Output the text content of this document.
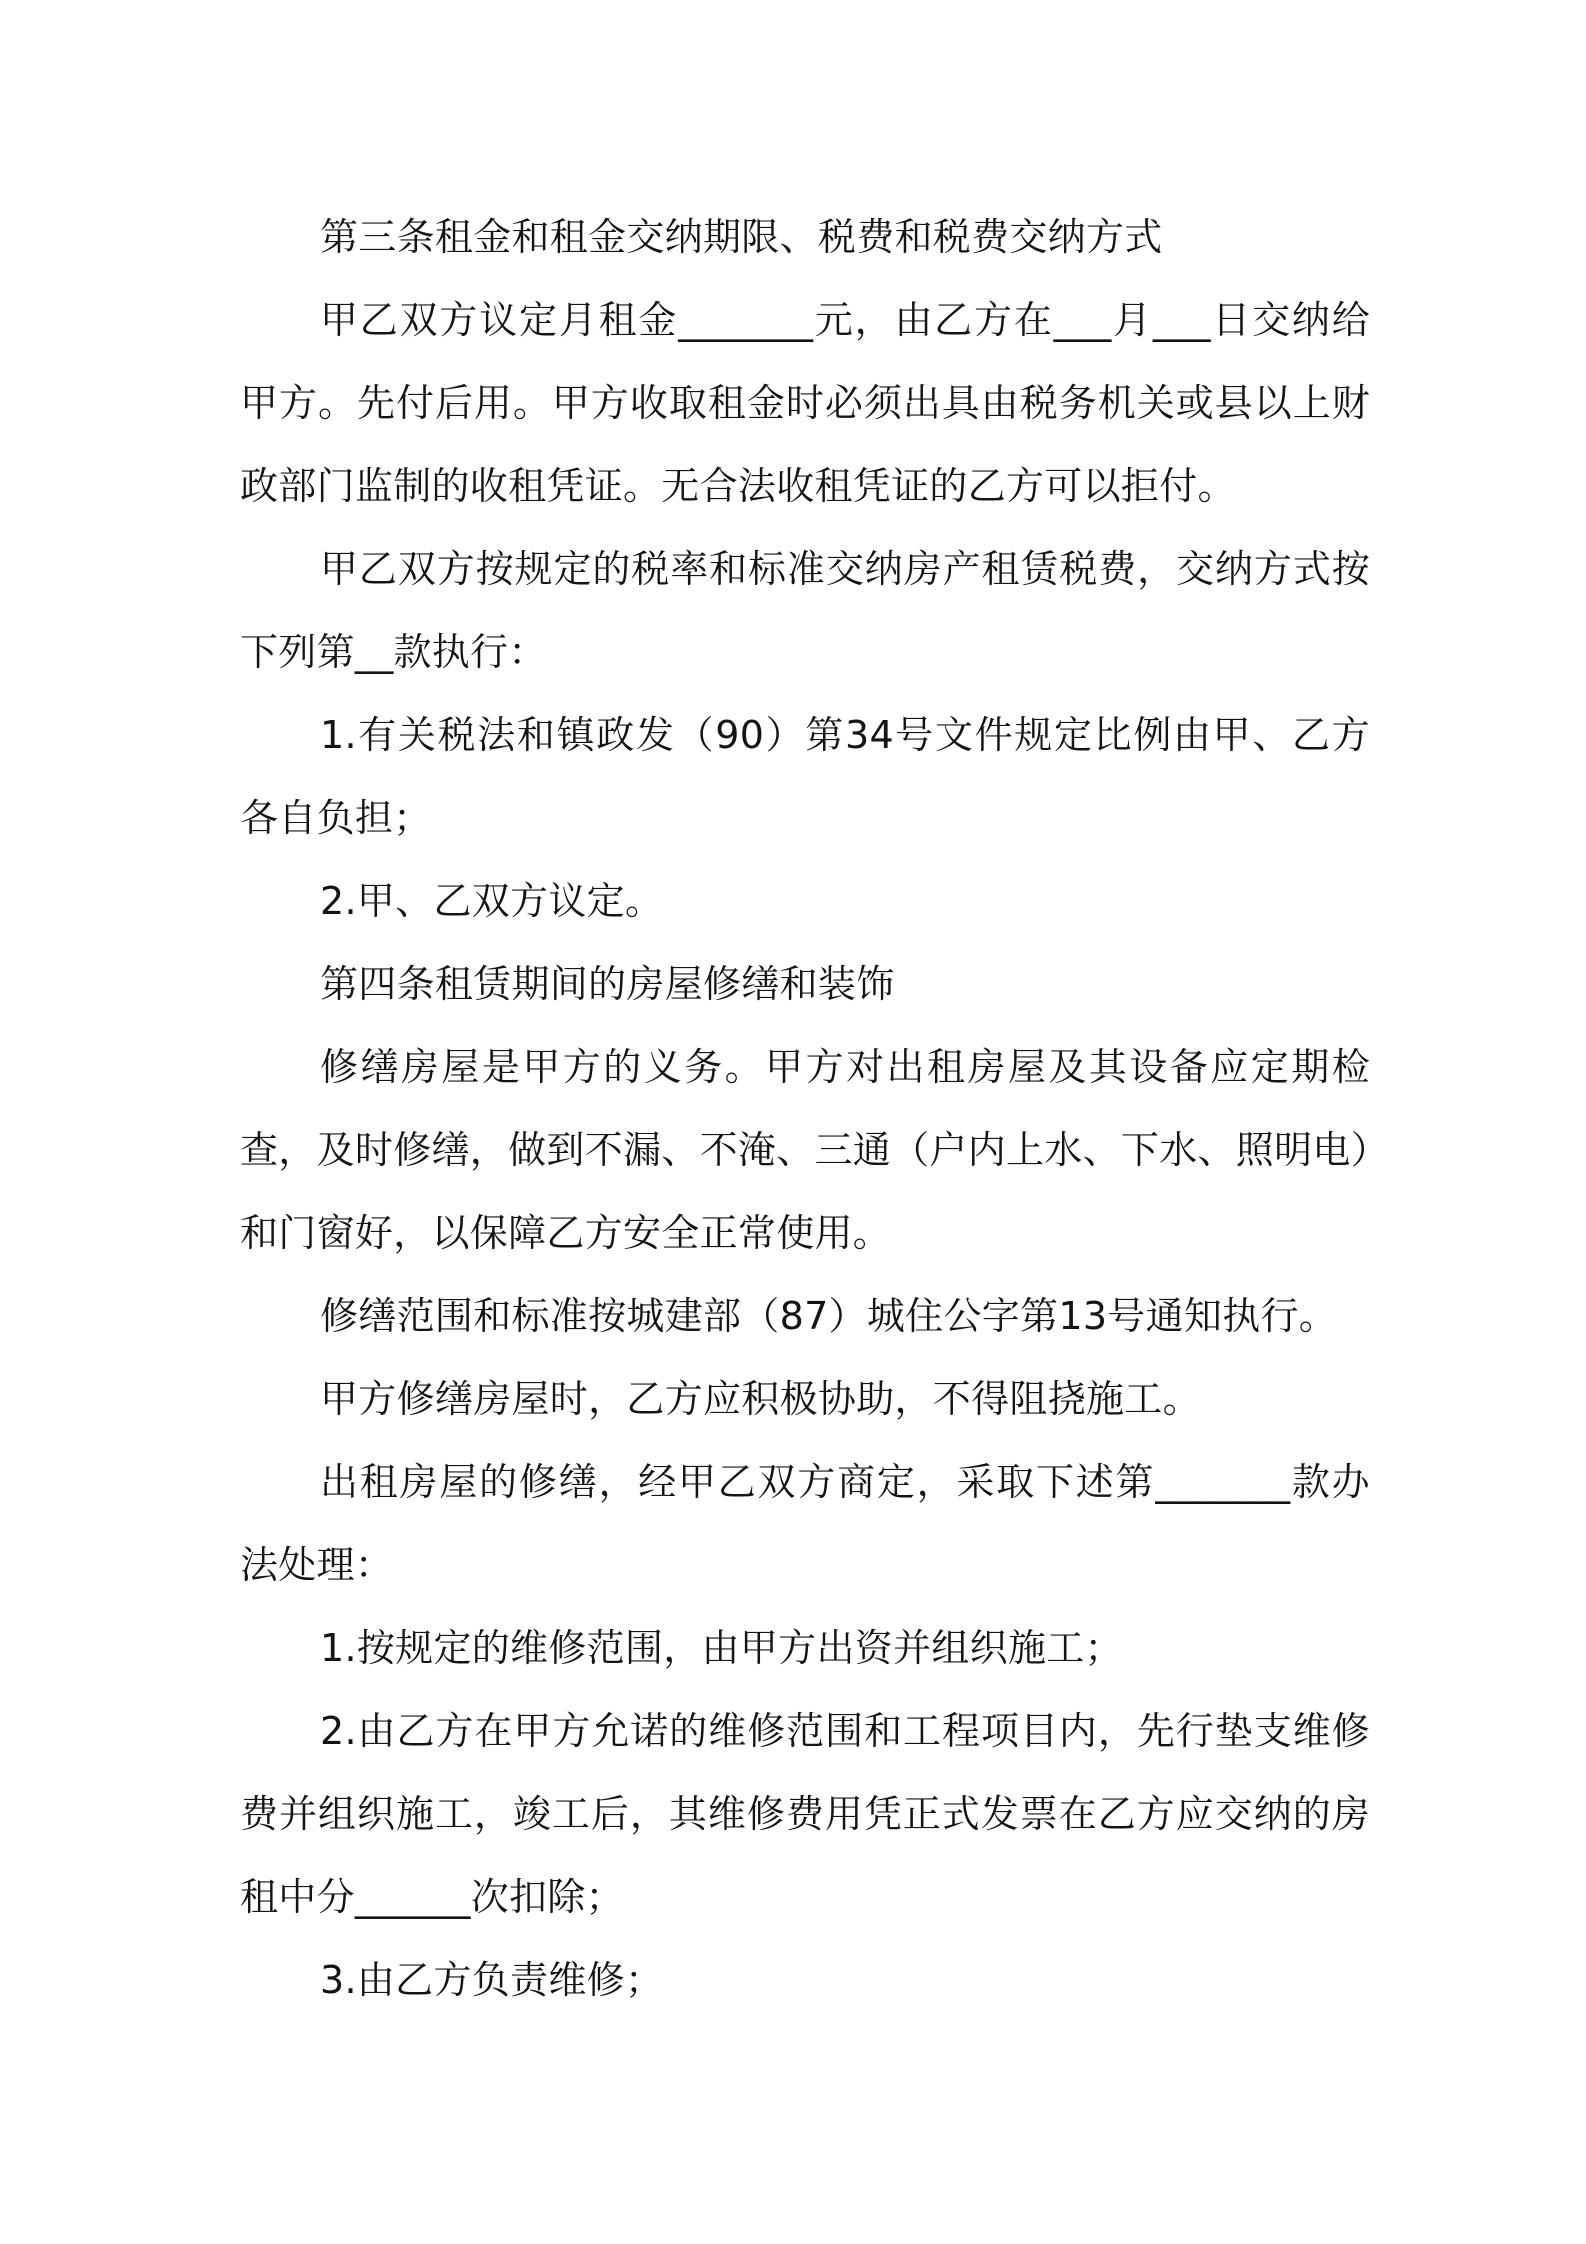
第三条租金和租金交纳期限、税费和税费交纳方式

甲乙双方议定月租金_______元，由乙方在___月___日交纳给甲方。先付后用。甲方收取租金时必须出具由税务机关或县以上财政部门监制的收租凭证。无合法收租凭证的乙方可以拒付。

甲乙双方按规定的税率和标准交纳房产租赁税费，交纳方式按下列第__款执行：

1.有关税法和镇政发（90）第34号文件规定比例由甲、乙方各自负担；

2.甲、乙双方议定。

第四条租赁期间的房屋修缮和装饰

修缮房屋是甲方的义务。甲方对出租房屋及其设备应定期检查，及时修缮，做到不漏、不淹、三通（户内上水、下水、照明电）和门窗好，以保障乙方安全正常使用。

修缮范围和标准按城建部（87）城住公字第13号通知执行。

甲方修缮房屋时，乙方应积极协助，不得阻挠施工。

出租房屋的修缮，经甲乙双方商定，采取下述第_______款办法处理：

1.按规定的维修范围，由甲方出资并组织施工；

2.由乙方在甲方允诺的维修范围和工程项目内，先行垫支维修费并组织施工，竣工后，其维修费用凭正式发票在乙方应交纳的房租中分______次扣除；

3.由乙方负责维修；
